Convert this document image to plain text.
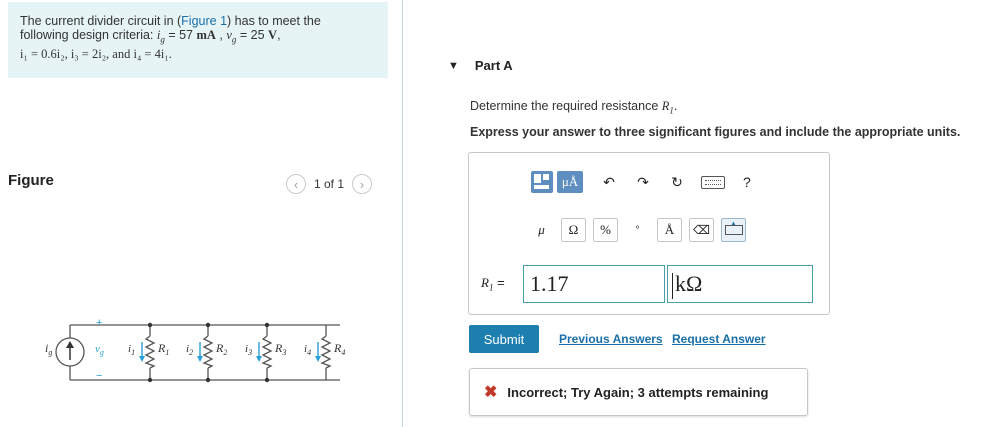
The current divider circuit in (Figure 1) has to meet the
following design criteria: $i_g = 57$ mA , $v_g = 25$ V,
i₁ = 0.6i₂, i₃ = 2i₂, and i₄ = 4i₁.
Figure	‹ 1 of 1 ›
$i_g$	$v_g$
+
−
$i_1$ $R_1$ $i_2$ $R_2$ $i_3$ $R_3$ $i_4$ $R_4$
▼ Part A
Determine the required resistance $R_1$.
Express your answer to three significant figures and include the appropriate units.
μÅ	↶ ↷ ↻	?
μ	Ω	%	°	Å	⌫	▲
$R_1$ =	1.17	kΩ
Submit	Previous Answers Request Answer
✖ Incorrect; Try Again; 3 attempts remaining
